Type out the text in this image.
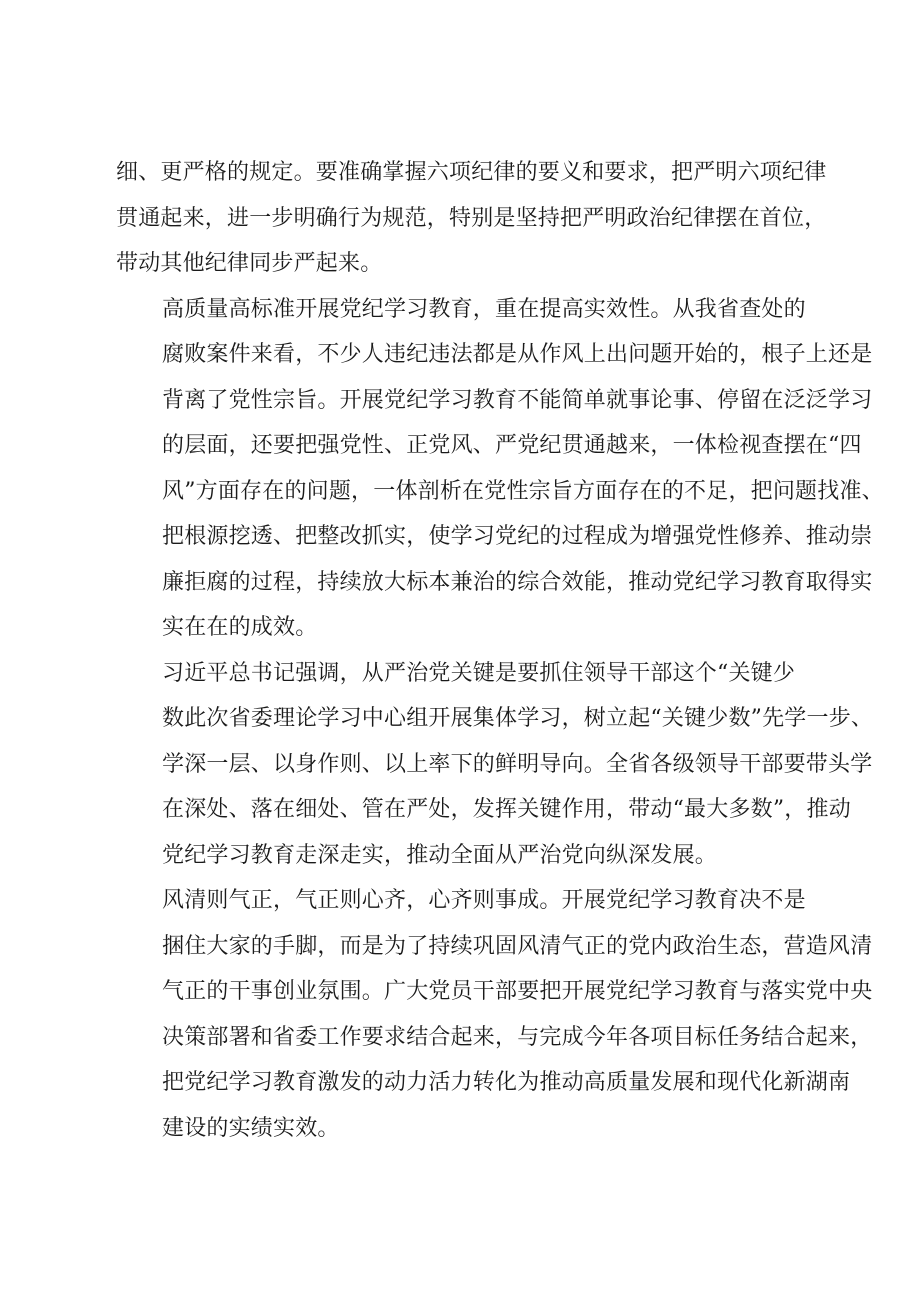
细、更严格的规定。要准确掌握六项纪律的要义和要求，把严明六项纪律
贯通起来，进一步明确行为规范，特别是坚持把严明政治纪律摆在首位，
带动其他纪律同步严起来。

高质量高标准开展党纪学习教育，重在提高实效性。从我省查处的
腐败案件来看，不少人违纪违法都是从作风上出问题开始的，根子上还是
背离了党性宗旨。开展党纪学习教育不能简单就事论事、停留在泛泛学习
的层面，还要把强党性、正党风、严党纪贯通越来，一体检视查摆在“四
风”方面存在的问题，一体剖析在党性宗旨方面存在的不足，把问题找准、
把根源挖透、把整改抓实，使学习党纪的过程成为增强党性修养、推动崇
廉拒腐的过程，持续放大标本兼治的综合效能，推动党纪学习教育取得实
实在在的成效。

习近平总书记强调，从严治党关键是要抓住领导干部这个“关键少
数此次省委理论学习中心组开展集体学习，树立起“关键少数”先学一步、
学深一层、以身作则、以上率下的鲜明导向。全省各级领导干部要带头学
在深处、落在细处、管在严处，发挥关键作用，带动“最大多数”，推动
党纪学习教育走深走实，推动全面从严治党向纵深发展。

风清则气正，气正则心齐，心齐则事成。开展党纪学习教育决不是
捆住大家的手脚，而是为了持续巩固风清气正的党内政治生态，营造风清
气正的干事创业氛围。广大党员干部要把开展党纪学习教育与落实党中央
决策部署和省委工作要求结合起来，与完成今年各项目标任务结合起来，
把党纪学习教育激发的动力活力转化为推动高质量发展和现代化新湖南
建设的实绩实效。
